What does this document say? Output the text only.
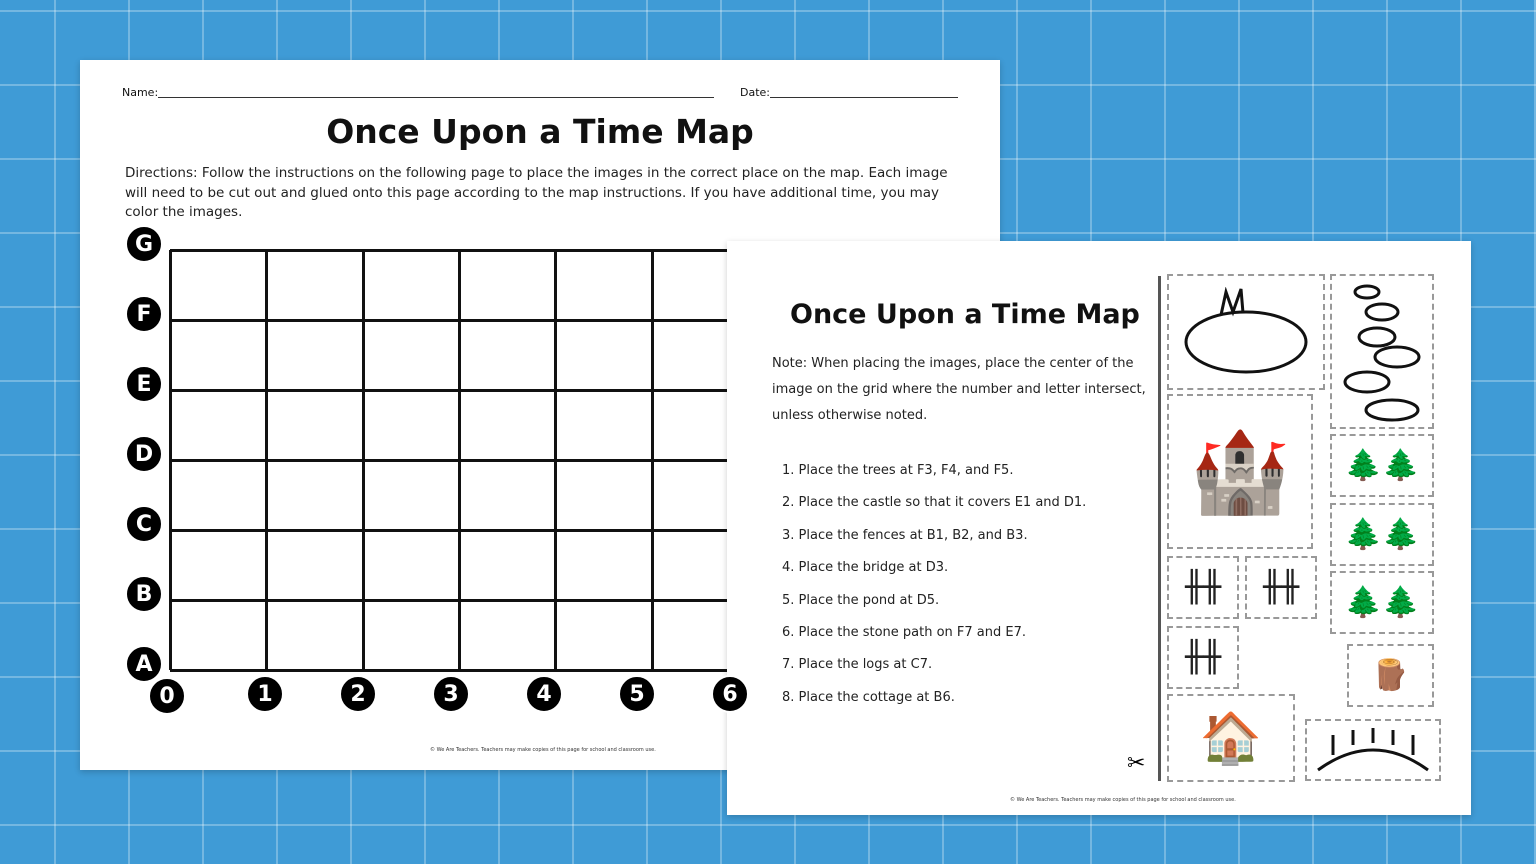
Name:	Date:
Once Upon a Time Map
Directions: Follow the instructions on the following page to place the images in the correct place on the map. Each image will need to be cut out and glued onto this page according to the map instructions. If you have additional time, you may color the images.
G
F
E
D
C
B
A
0	1	2	3	4	5	6
© We Are Teachers. Teachers may make copies of this page for school and classroom use.
Once Upon a Time Map
Note: When placing the images, place the center of the image on the grid where the number and letter intersect, unless otherwise noted.
1. Place the trees at F3, F4, and F5.
2. Place the castle so that it covers E1 and D1.
3. Place the fences at B1, B2, and B3.
4. Place the bridge at D3.
5. Place the pond at D5.
6. Place the stone path on F7 and E7.
7. Place the logs at C7.
8. Place the cottage at B6.
✂
🏰 🌲🌲
🌲🌲
🌲🌲
╫╫ ╫╫
╫╫
🪵
🏠
© We Are Teachers. Teachers may make copies of this page for school and classroom use.
